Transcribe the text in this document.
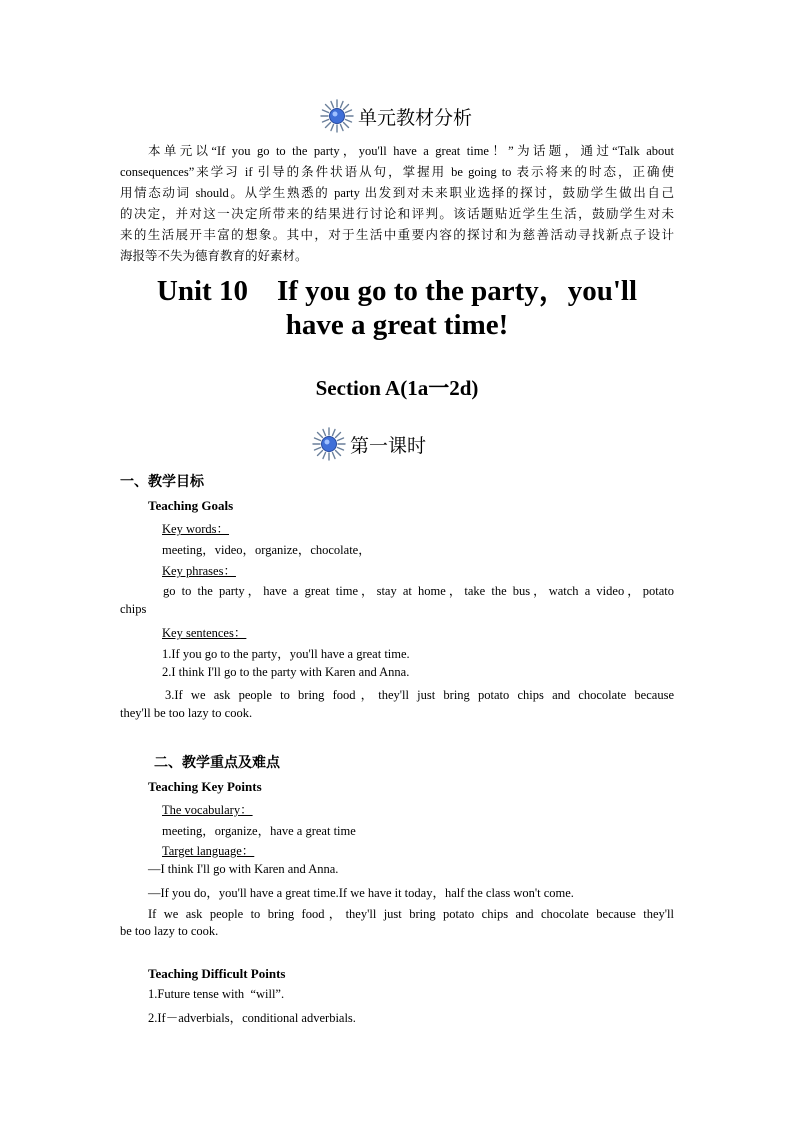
单元教材分析
本单元以“If you go to the party，you'll have a great time！”为话题，通过“Talk about
consequences”来学习 if 引导的条件状语从句，掌握用 be going to 表示将来的时态，正确使
用情态动词 should。从学生熟悉的 party 出发到对未来职业选择的探讨，鼓励学生做出自己
的决定，并对这一决定所带来的结果进行讨论和评判。该话题贴近学生生活，鼓励学生对未
来的生活展开丰富的想象。其中，对于生活中重要内容的探讨和为慈善活动寻找新点子设计
海报等不失为德育教育的好素材。
Unit 10    If you go to the party，you'll
have a great time!
Section A(1a一2d)
第一课时
一、教学目标
Teaching Goals
Key words：
meeting，video，organize，chocolate，
Key phrases：
go to the party，have a great time，stay at home，take the bus，watch a video，potato
chips
Key sentences：
1.If you go to the party，you'll have a great time.
2.I think I'll go to the party with Karen and Anna.
3.If we ask people to bring food，they'll just bring potato chips and chocolate because
they'll be too lazy to cook.
二、教学重点及难点
Teaching Key Points
The vocabulary：
meeting，organize，have a great time
Target language：
—I think I'll go with Karen and Anna.
—If you do，you'll have a great time.If we have it today，half the class won't come.
If we ask people to bring food，they'll just bring potato chips and chocolate because they'll
be too lazy to cook.
Teaching Difficult Points
1.Future tense with  “will”.
2.If－adverbials，conditional adverbials.
